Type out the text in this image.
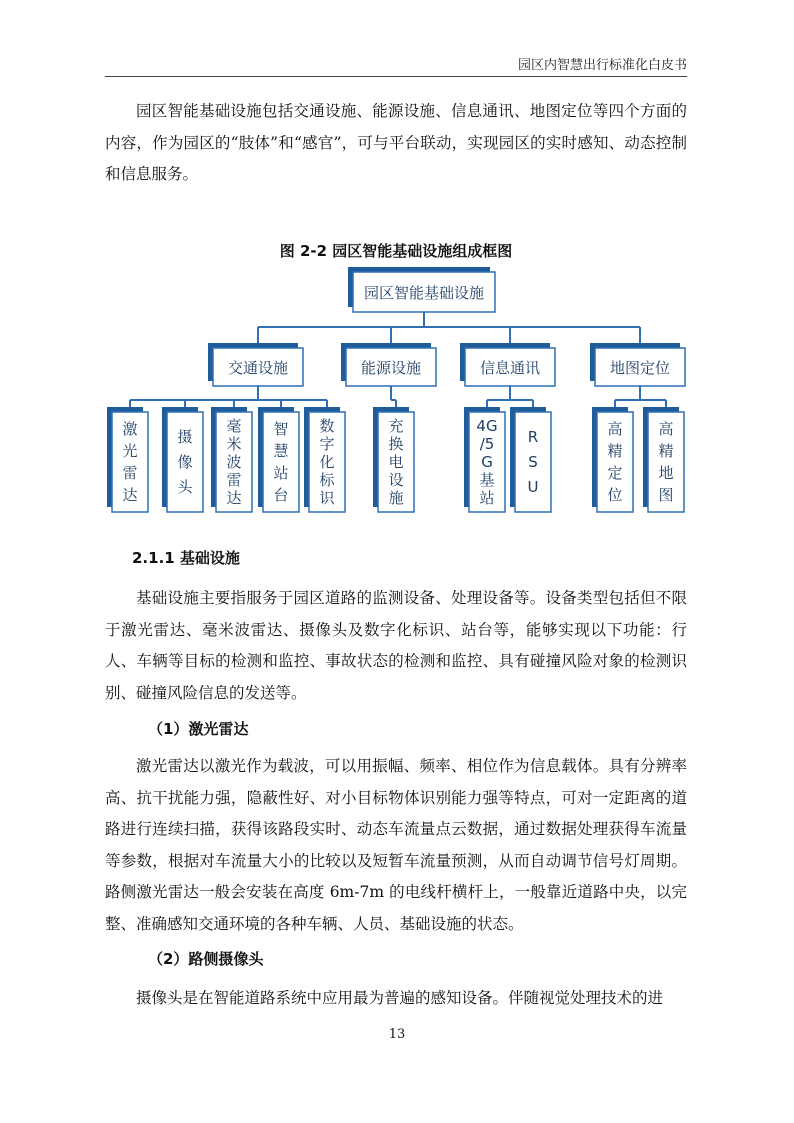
园区内智慧出行标准化白皮书

园区智能基础设施包括交通设施、能源设施、信息通讯、地图定位等四个方面的内容，作为园区的“肢体”和“感官”，可与平台联动，实现园区的实时感知、动态控制和信息服务。

图 2-2 园区智能基础设施组成框图
园区智能基础设施
交通设施
激光雷达
摄像头
毫米波雷达
智慧站台
数字化标识
能源设施
充换电设施
信息通讯
4G /5 G 基站
R S U
地图定位
高精定位
高精地图
2.1.1 基础设施

基础设施主要指服务于园区道路的监测设备、处理设备等。设备类型包括但不限于激光雷达、毫米波雷达、摄像头及数字化标识、站台等，能够实现以下功能：行人、车辆等目标的检测和监控、事故状态的检测和监控、具有碰撞风险对象的检测识别、碰撞风险信息的发送等。

（1）激光雷达

激光雷达以激光作为载波，可以用振幅、频率、相位作为信息载体。具有分辨率高、抗干扰能力强，隐蔽性好、对小目标物体识别能力强等特点，可对一定距离的道路进行连续扫描，获得该路段实时、动态车流量点云数据，通过数据处理获得车流量等参数，根据对车流量大小的比较以及短暂车流量预测，从而自动调节信号灯周期。路侧激光雷达一般会安装在高度 6m-7m 的电线杆横杆上，一般靠近道路中央，以完整、准确感知交通环境的各种车辆、人员、基础设施的状态。

（2）路侧摄像头

摄像头是在智能道路系统中应用最为普遍的感知设备。伴随视觉处理技术的进

13
